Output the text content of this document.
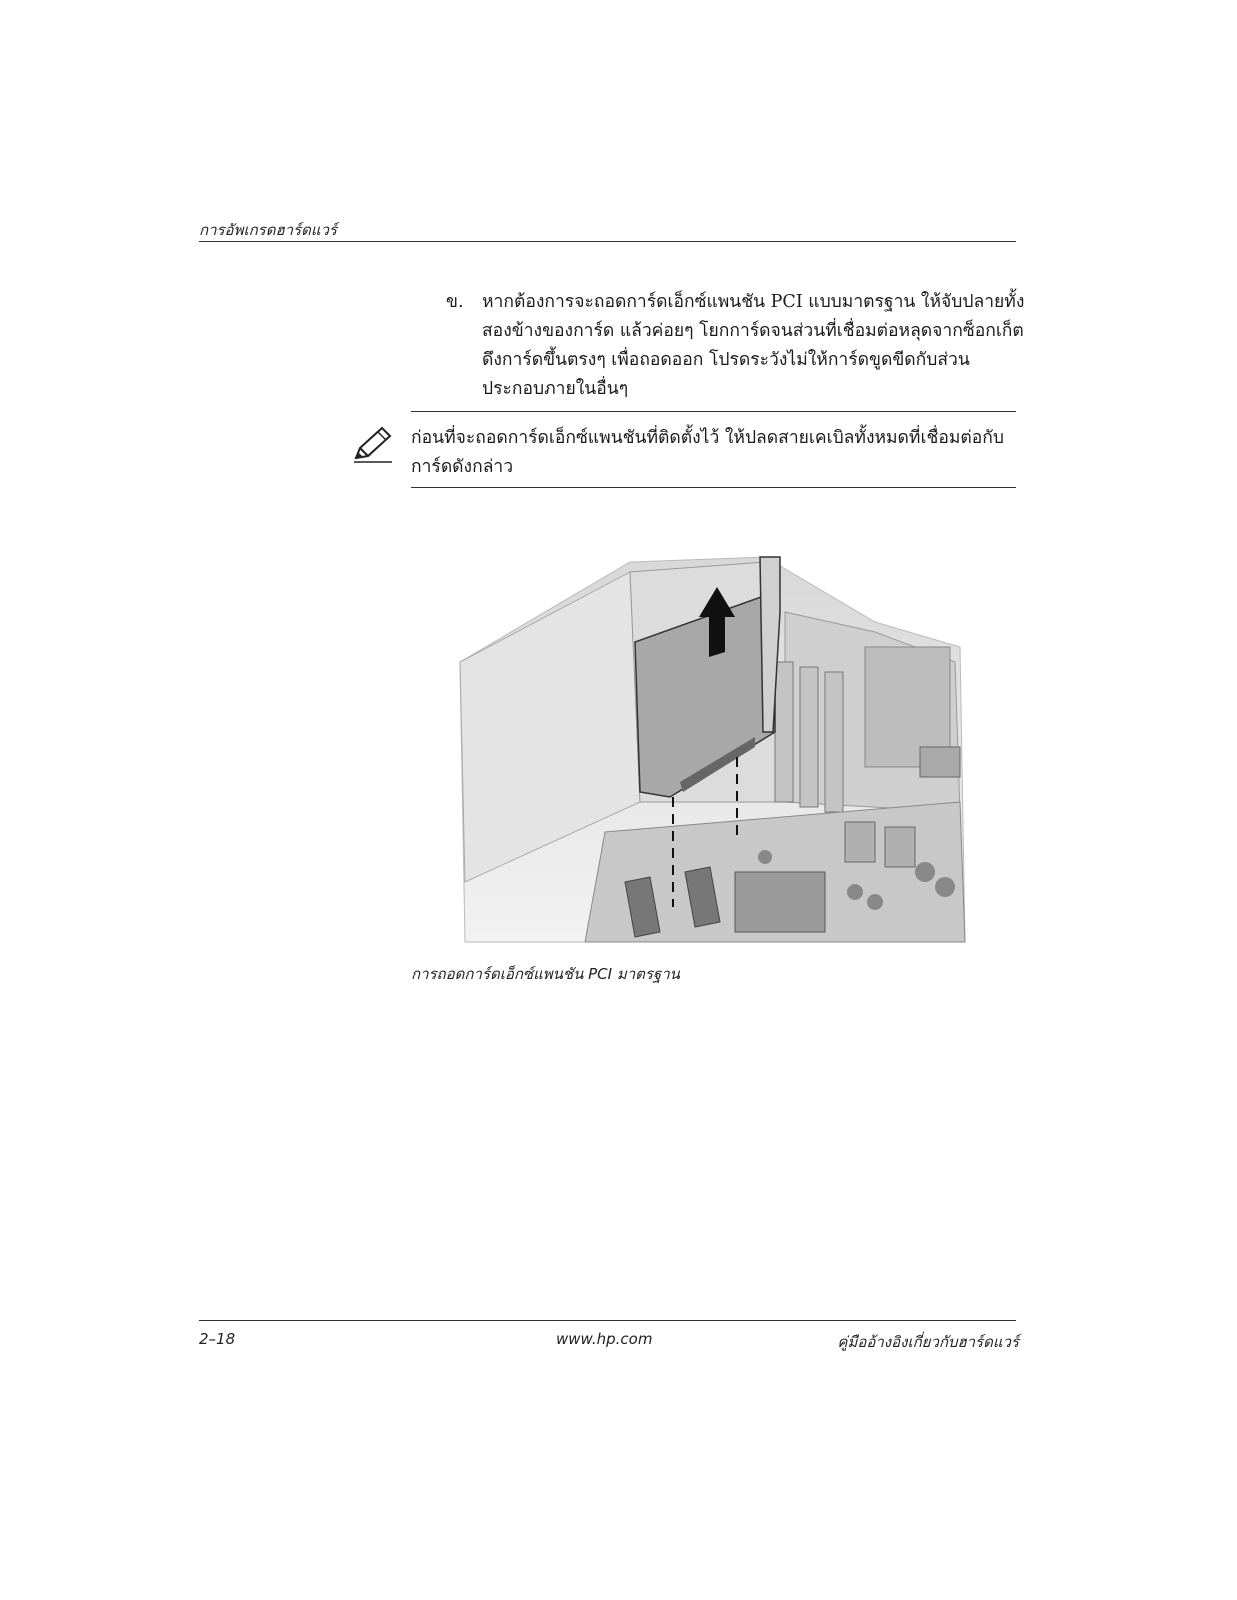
การอัพเกรดฮาร์ดแวร์
ข. หากต้องการจะถอดการ์ดเอ็กซ์แพนชัน PCI แบบมาตรฐาน ให้จับปลายทั้งสองข้างของการ์ด แล้วค่อยๆ โยกการ์ดจนส่วนที่เชื่อมต่อหลุดจากซ็อกเก็ต ดึงการ์ดขึ้นตรงๆ เพื่อถอดออก โปรดระวังไม่ให้การ์ดขูดขีดกับส่วนประกอบภายในอื่นๆ
ก่อนที่จะถอดการ์ดเอ็กซ์แพนชันที่ติดตั้งไว้ ให้ปลดสายเคเบิลทั้งหมดที่เชื่อมต่อกับการ์ดดังกล่าว
การถอดการ์ดเอ็กซ์แพนชัน PCI มาตรฐาน
2–18	www.hp.com	คู่มืออ้างอิงเกี่ยวกับฮาร์ดแวร์
